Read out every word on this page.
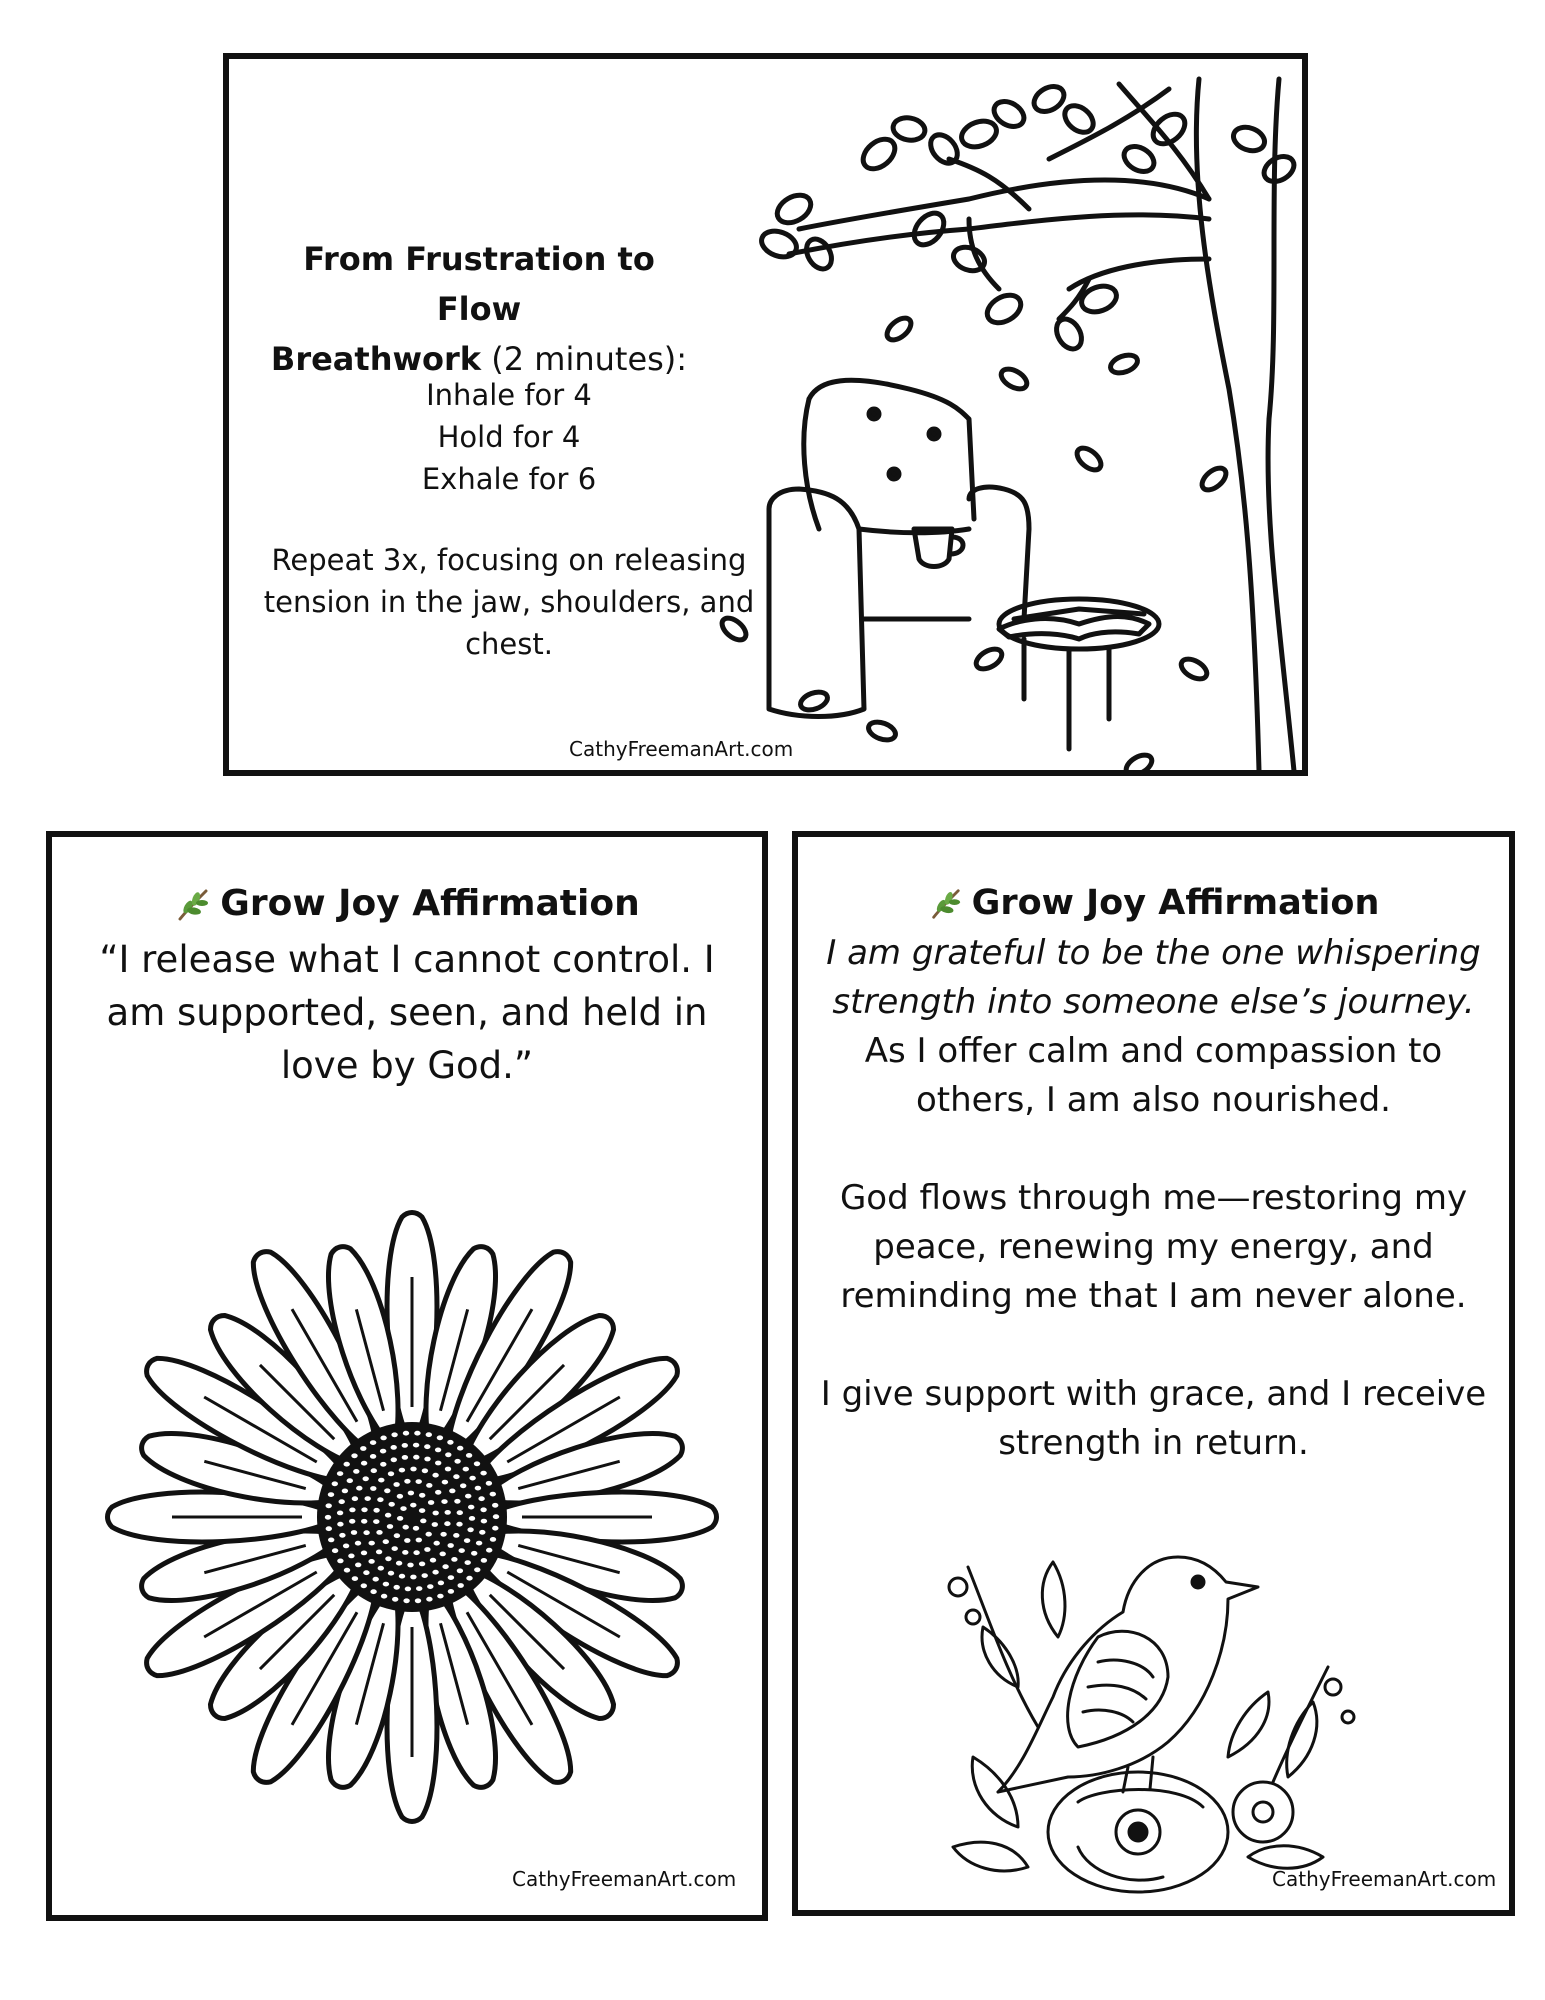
From Frustration to Flow
Breathwork (2 minutes):
Inhale for 4
Hold for 4
Exhale for 6
Repeat 3x, focusing on releasing tension in the jaw, shoulders, and chest.
CathyFreemanArt.com
Grow Joy Affirmation
“I release what I cannot control. I am supported, seen, and held in love by God.”
CathyFreemanArt.com
Grow Joy Affirmation

I am grateful to be the one whispering strength into someone else’s journey.
As I offer calm and compassion to others, I am also nourished.

God flows through me—restoring my peace, renewing my energy, and reminding me that I am never alone.

I give support with grace, and I receive strength in return.

CathyFreemanArt.com
